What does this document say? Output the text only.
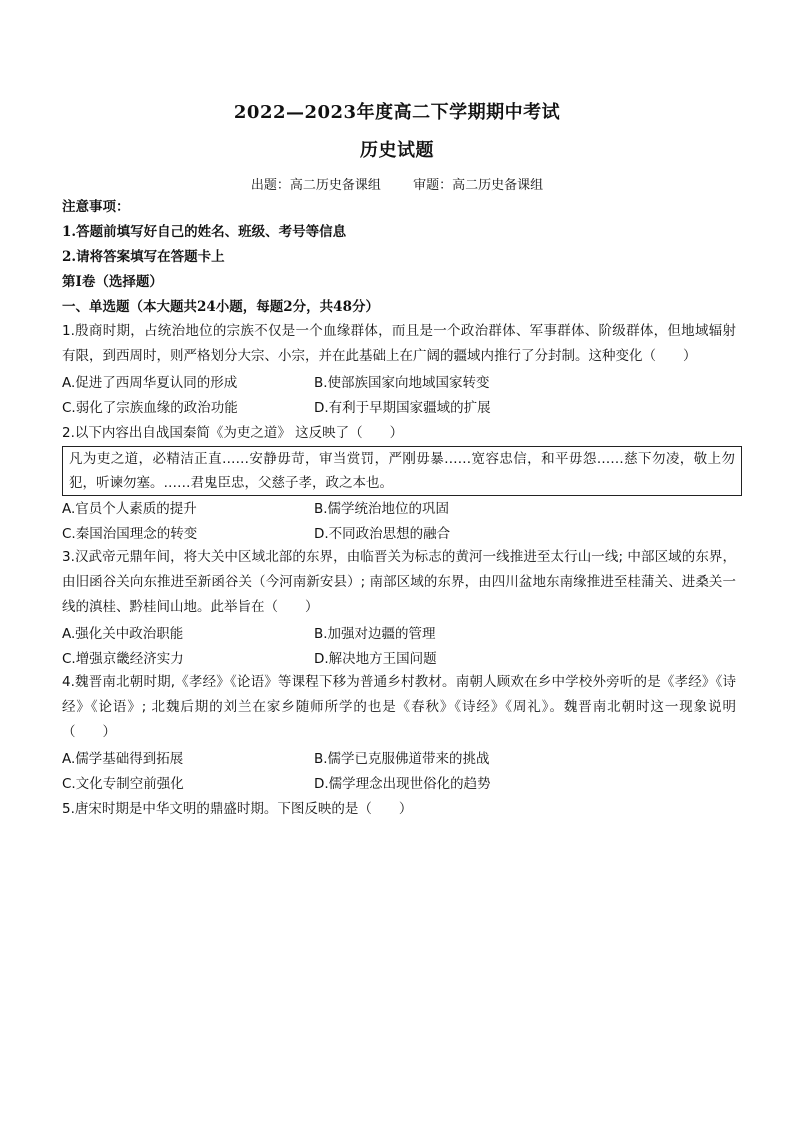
2022—2023年度高二下学期期中考试
历史试题
出题：高二历史备课组 审题：高二历史备课组
注意事项：
1.答题前填写好自己的姓名、班级、考号等信息
2.请将答案填写在答题卡上
第Ⅰ卷（选择题）
一、单选题（本大题共24小题，每题2分，共48分）
1.殷商时期，占统治地位的宗族不仅是一个血缘群体，而且是一个政治群体、军事群体、阶级群体，但地域辐射有限，到西周时，则严格划分大宗、小宗，并在此基础上在广阔的疆域内推行了分封制。这种变化（　　）
A.促进了西周华夏认同的形成	B.使部族国家向地域国家转变
C.弱化了宗族血缘的政治功能	D.有利于早期国家疆域的扩展
2.以下内容出自战国秦简《为吏之道》 这反映了（　　）
凡为吏之道，必精洁正直……安静毋苛，审当赏罚，严刚毋暴……宽容忠信，和平毋怨……慈下勿凌，敬上勿犯，听谏勿塞。……君鬼臣忠，父慈子孝，政之本也。
A.官员个人素质的提升	B.儒学统治地位的巩固
C.秦国治国理念的转变	D.不同政治思想的融合
3.汉武帝元鼎年间，将大关中区域北部的东界，由临晋关为标志的黄河一线推进至太行山一线; 中部区域的东界，由旧函谷关向东推进至新函谷关（今河南新安县）; 南部区域的东界，由四川盆地东南缘推进至桂蒲关、进桑关一线的滇桂、黔桂间山地。此举旨在（　　）
A.强化关中政治职能	B.加强对边疆的管理
C.增强京畿经济实力	D.解决地方王国问题
4.魏晋南北朝时期,《孝经》《论语》等课程下移为普通乡村教材。南朝人顾欢在乡中学校外旁听的是《孝经》《诗经》《论语》; 北魏后期的刘兰在家乡随师所学的也是《春秋》《诗经》《周礼》。魏晋南北朝时这一现象说明（　　）
A.儒学基础得到拓展	B.儒学已克服佛道带来的挑战
C.文化专制空前强化	D.儒学理念出现世俗化的趋势
5.唐宋时期是中华文明的鼎盛时期。下图反映的是（　　）
